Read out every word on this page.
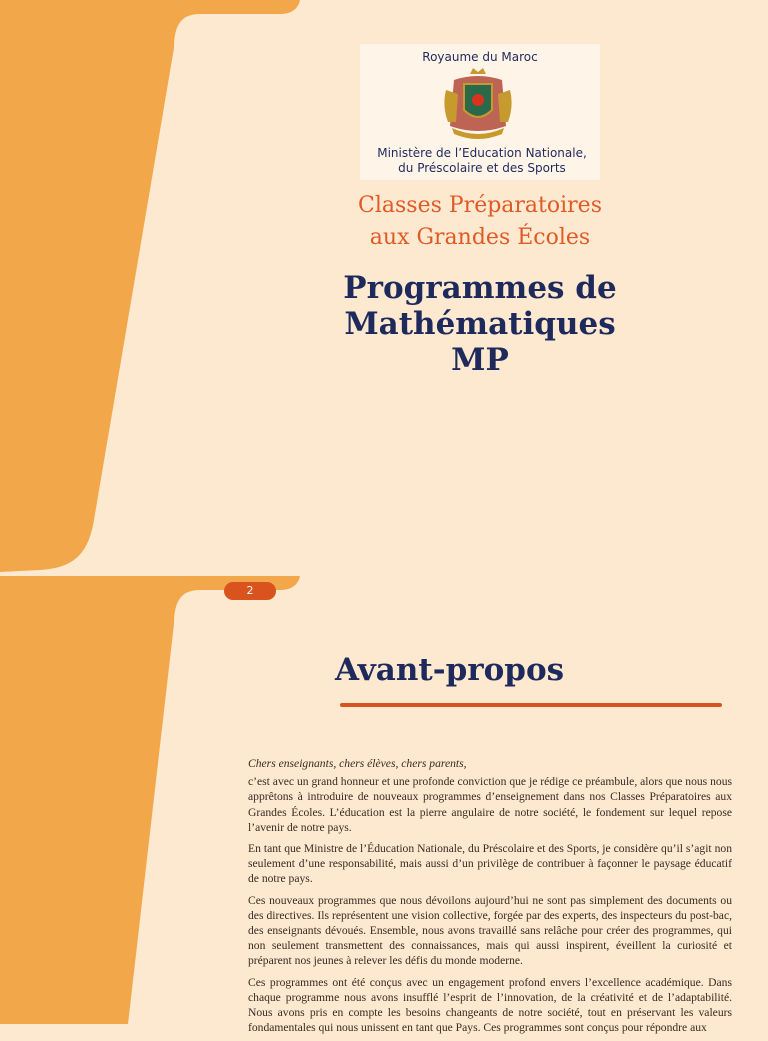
Royaume du Maroc
Ministère de l’Education Nationale,
du Préscolaire et des Sports
Classes Préparatoires
aux Grandes Écoles
Programmes de
Mathématiques
MP
2
Avant-propos

Chers enseignants, chers élèves, chers parents,

c’est avec un grand honneur et une profonde conviction que je rédige ce préambule, alors que nous nous apprêtons à introduire de nouveaux programmes d’enseignement dans nos Classes Préparatoires aux Grandes Écoles. L’éducation est la pierre angulaire de notre société, le fondement sur lequel repose l’avenir de notre pays.

En tant que Ministre de l’Éducation Nationale, du Préscolaire et des Sports, je considère qu’il s’agit non seulement d’une responsabilité, mais aussi d’un privilège de contribuer à façonner le paysage éducatif de notre pays.

Ces nouveaux programmes que nous dévoilons aujourd’hui ne sont pas simplement des documents ou des directives. Ils représentent une vision collective, forgée par des experts, des inspecteurs du post-bac, des enseignants dévoués. Ensemble, nous avons travaillé sans relâche pour créer des programmes, qui non seulement transmettent des connaissances, mais qui aussi inspirent, éveillent la curiosité et préparent nos jeunes à relever les défis du monde moderne.

Ces programmes ont été conçus avec un engagement profond envers l’excellence académique. Dans chaque programme nous avons insufflé l’esprit de l’innovation, de la créativité et de l’adaptabilité. Nous avons pris en compte les besoins changeants de notre société, tout en préservant les valeurs fondamentales qui nous unissent en tant que Pays. Ces programmes sont conçus pour répondre aux
